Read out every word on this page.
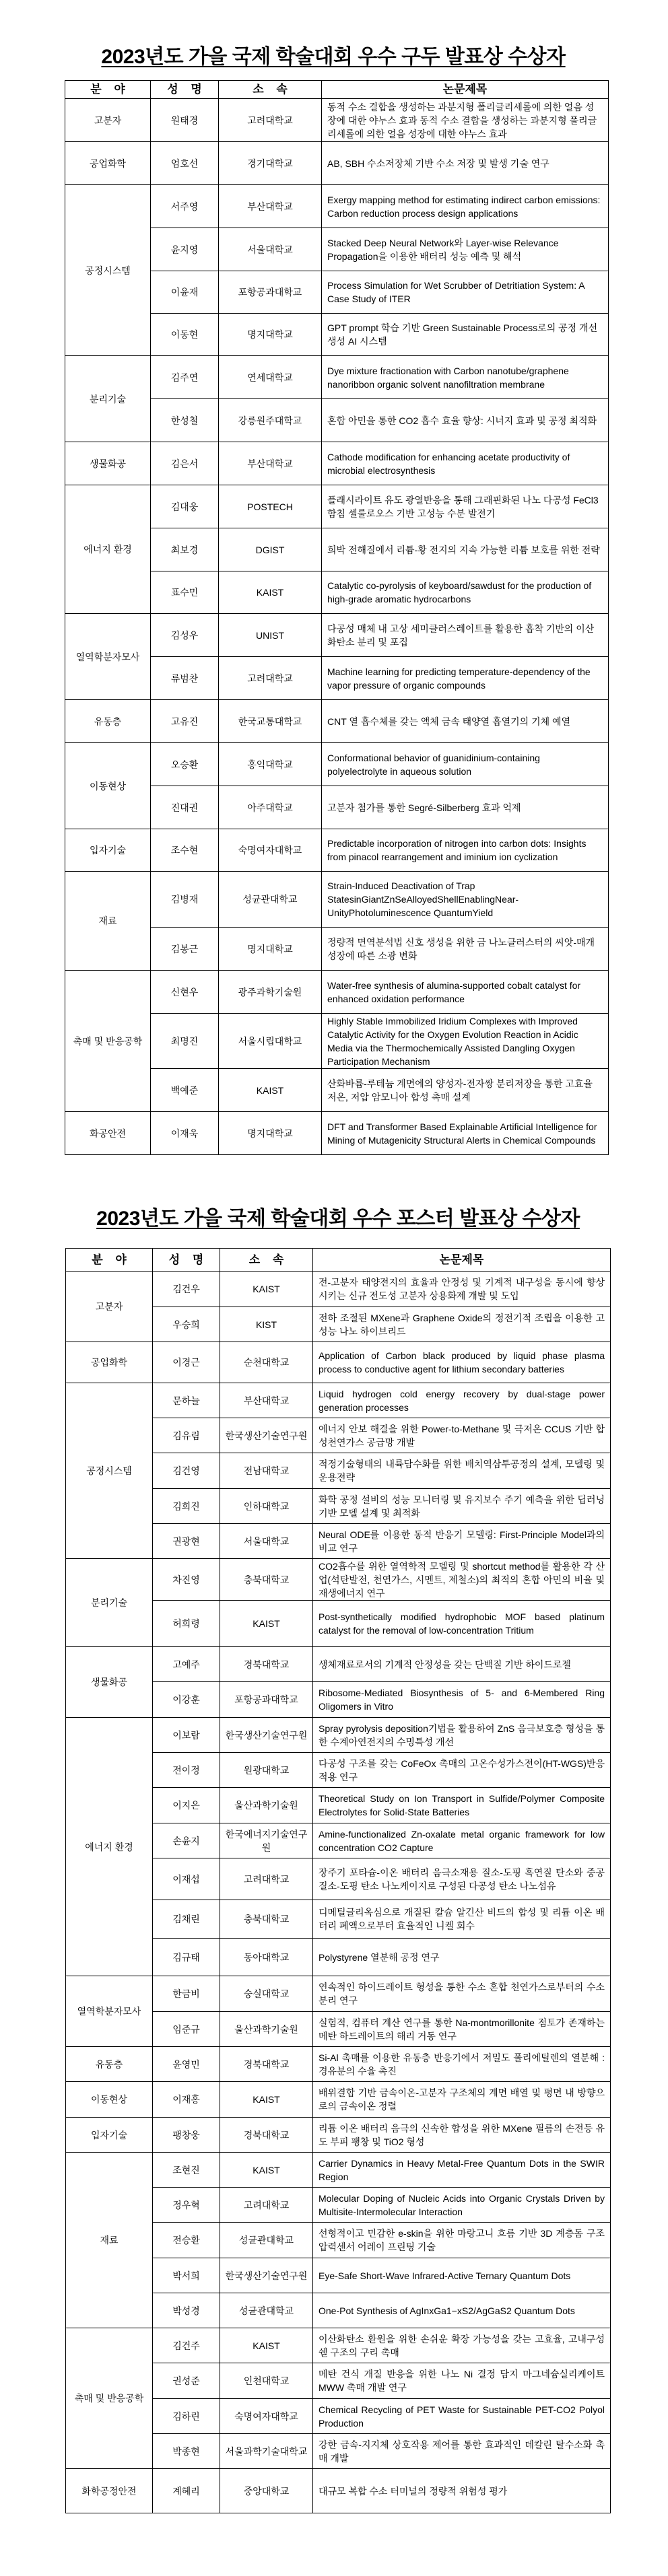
2023년도 가을 국제 학술대회 우수 구두 발표상 수상자
분 야	성 명	소 속	논문제목

고분자	원태경	고려대학교	동적 수소 결합을 생성하는 과분지형 폴리글리세롤에 의한 얼음 성장에 대한 야누스 효과 동적 수소 결합을 생성하는 과분지형 폴리글리세롤에 의한 얼음 성장에 대한 야누스 효과

공업화학	엄호선	경기대학교	AB, SBH 수소저장체 기반 수소 저장 및 발생 기술 연구

공정시스템	서주영	부산대학교	Exergy mapping method for estimating indirect carbon emissions: Carbon reduction process design applications

	윤지영	서울대학교	Stacked Deep Neural Network와 Layer-wise Relevance Propagation을 이용한 배터리 성능 예측 및 해석

	이윤재	포항공과대학교	Process Simulation for Wet Scrubber of Detritiation System: A Case Study of ITER

	이동현	명지대학교	GPT prompt 학습 기반 Green Sustainable Process로의 공정 개선 생성 AI 시스템

분리기술	김주연	연세대학교	Dye mixture fractionation with Carbon nanotube/graphene nanoribbon organic solvent nanofiltration membrane

	한성철	강릉원주대학교	혼합 아민을 통한 CO2 흡수 효율 향상: 시너지 효과 및 공정 최적화

생물화공	김은서	부산대학교	Cathode modification for enhancing acetate productivity of microbial electrosynthesis

에너지 환경	김대웅	POSTECH	플래시라이트 유도 광열반응을 통해 그래핀화된 나노 다공성 FeCl3 함침 셀룰로오스 기반 고성능 수분 발전기

	최보경	DGIST	희박 전해질에서 리튬-황 전지의 지속 가능한 리튬 보호를 위한 전략

	표수민	KAIST	Catalytic co-pyrolysis of keyboard/sawdust for the production of high-grade aromatic hydrocarbons

열역학분자모사	김성우	UNIST	다공성 매체 내 고상 세미클러스레이트를 활용한 흡착 기반의 이산화탄소 분리 및 포집

	류범찬	고려대학교	Machine learning for predicting temperature-dependency of the vapor pressure of organic compounds

유동층	고유진	한국교통대학교	CNT 열 흡수체를 갖는 액체 금속 태양열 흡열기의 기체 예열

이동현상	오승환	홍익대학교	Conformational behavior of guanidinium-containing polyelectrolyte in aqueous solution

	진대권	아주대학교	고분자 첨가를 통한 Segré-Silberberg 효과 억제

입자기술	조수현	숙명여자대학교	Predictable incorporation of nitrogen into carbon dots: Insights from pinacol rearrangement and iminium ion cyclization

재료	김병재	성균관대학교	Strain-Induced Deactivation of Trap StatesinGiantZnSeAlloyedShellEnablingNear-UnityPhotoluminescence QuantumYield

	김봉근	명지대학교	정량적 면역분석법 신호 생성을 위한 금 나노클러스터의 씨앗-매개 성장에 따른 소광 변화

촉매 및 반응공학	신현우	광주과학기술원	Water-free synthesis of alumina-supported cobalt catalyst for enhanced oxidation performance

	최명진	서울시립대학교	Highly Stable Immobilized Iridium Complexes with Improved Catalytic Activity for the Oxygen Evolution Reaction in Acidic Media via the Thermochemically Assisted Dangling Oxygen Participation Mechanism

	백예준	KAIST	산화바륨-루테늄 계면에의 양성자-전자쌍 분리저장을 통한 고효율 저온, 저압 암모니아 합성 촉매 설계

화공안전	이재욱	명지대학교	DFT and Transformer Based Explainable Artificial Intelligence for Mining of Mutagenicity Structural Alerts in Chemical Compounds
2023년도 가을 국제 학술대회 우수 포스터 발표상 수상자
분 야	성 명	소 속	논문제목

고분자	김건우	KAIST	전-고분자 태양전지의 효율과 안정성 및 기계적 내구성을 동시에 향상시키는 신규 전도성 고분자 상용화제 개발 및 도입

	우승희	KIST	전하 조절된 MXene과 Graphene Oxide의 정전기적 조립을 이용한 고성능 나노 하이브리드

공업화학	이경근	순천대학교	Application of Carbon black produced by liquid phase plasma process to conductive agent for lithium secondary batteries

공정시스템	문하늘	부산대학교	Liquid hydrogen cold energy recovery by dual-stage power generation processes

	김유림	한국생산기술연구원	에너지 안보 해결을 위한 Power-to-Methane 및 극저온 CCUS 기반 합성천연가스 공급망 개발

	김건영	전남대학교	적정기술형태의 내륙담수화를 위한 배치역삼투공정의 설계, 모델링 및 운용전략

	김희진	인하대학교	화학 공정 설비의 성능 모니터링 및 유지보수 주기 예측을 위한 딥러닝 기반 모델 설계 및 최적화

	권광현	서울대학교	Neural ODE를 이용한 동적 반응기 모델링: First-Principle Model과의 비교 연구

분리기술	차진영	충북대학교	CO2흡수를 위한 열역학적 모델링 및 shortcut method를 활용한 각 산업(석탄발전, 천연가스, 시멘트, 제철소)의 최적의 혼합 아민의 비율 및 재생에너지 연구

	허희령	KAIST	Post-synthetically modified hydrophobic MOF based platinum catalyst for the removal of low-concentration Tritium

생물화공	고예주	경북대학교	생체재료로서의 기계적 안정성을 갖는 단백질 기반 하이드로젤

	이강훈	포항공과대학교	Ribosome-Mediated Biosynthesis of 5- and 6-Membered Ring Oligomers in Vitro

에너지 환경	이보람	한국생산기술연구원	Spray pyrolysis deposition기법을 활용하여 ZnS 음극보호층 형성을 통한 수계아연전지의 수명특성 개선

	전이정	원광대학교	다공성 구조를 갖는 CoFeOx 촉매의 고온수성가스전이(HT-WGS)반응 적용 연구

	이지은	울산과학기술원	Theoretical Study on Ion Transport in Sulfide/Polymer Composite Electrolytes for Solid-State Batteries

	손윤지	한국에너지기술연구원	Amine-functionalized Zn-oxalate metal organic framework for low concentration CO2 Capture

	이재섭	고려대학교	장주기 포타슘-이온 배터리 음극소재용 질소-도핑 흑연질 탄소와 중공 질소-도핑 탄소 나노케이지로 구성된 다공성 탄소 나노섬유

	김채린	충북대학교	디메틸글리옥심으로 개질된 칼슘 알긴산 비드의 합성 및 리튬 이온 배터리 폐액으로부터 효율적인 니켈 회수

	김규태	동아대학교	Polystyrene 열분해 공정 연구

열역학분자모사	한금비	숭실대학교	연속적인 하이드레이트 형성을 통한 수소 혼합 천연가스로부터의 수소 분리 연구

	임준규	울산과학기술원	실험적, 컴퓨터 계산 연구를 통한 Na-montmorillonite 점토가 존재하는 메탄 하드레이트의 해리 거동 연구

유동층	윤영민	경북대학교	Si-Al 촉매를 이용한 유동층 반응기에서 저밀도 폴리에틸렌의 열분해 : 경유분의 수율 촉진

이동현상	이재홍	KAIST	배위결합 기반 금속이온-고분자 구조체의 계면 배열 및 평면 내 방향으로의 금속이온 정렬

입자기술	팽창웅	경북대학교	리튬 이온 배터리 음극의 신속한 합성을 위한 MXene 필름의 손전등 유도 부피 팽창 및 TiO2 형성

재료	조현진	KAIST	Carrier Dynamics in Heavy Metal-Free Quantum Dots in the SWIR Region

	정우혁	고려대학교	Molecular Doping of Nucleic Acids into Organic Crystals Driven by Multisite-Intermolecular Interaction

	전승환	성균관대학교	선형적이고 민감한 e-skin을 위한 마랑고니 흐름 기반 3D 계층돔 구조 압력센서 어레이 프린팅 기술

	박서희	한국생산기술연구원	Eye-Safe Short-Wave Infrared-Active Ternary Quantum Dots

	박성경	성균관대학교	One-Pot Synthesis of AgInxGa1−xS2/AgGaS2 Quantum Dots

촉매 및 반응공학	김건주	KAIST	이산화탄소 환원을 위한 손쉬운 확장 가능성을 갖는 고효율, 고내구성 쉘 구조의 구리 촉매

	권성준	인천대학교	메탄 건식 개질 반응을 위한 나노 Ni 결정 담지 마그네슘실리케이트 MWW 촉매 개발 연구

	김하린	숙명여자대학교	Chemical Recycling of PET Waste for Sustainable PET-CO2 Polyol Production

	박종현	서울과학기술대학교	강한 금속-지지체 상호작용 제어를 통한 효과적인 데칼린 탈수소화 촉매 개발

화학공정안전	계혜리	중앙대학교	대규모 복합 수소 터미널의 정량적 위험성 평가
